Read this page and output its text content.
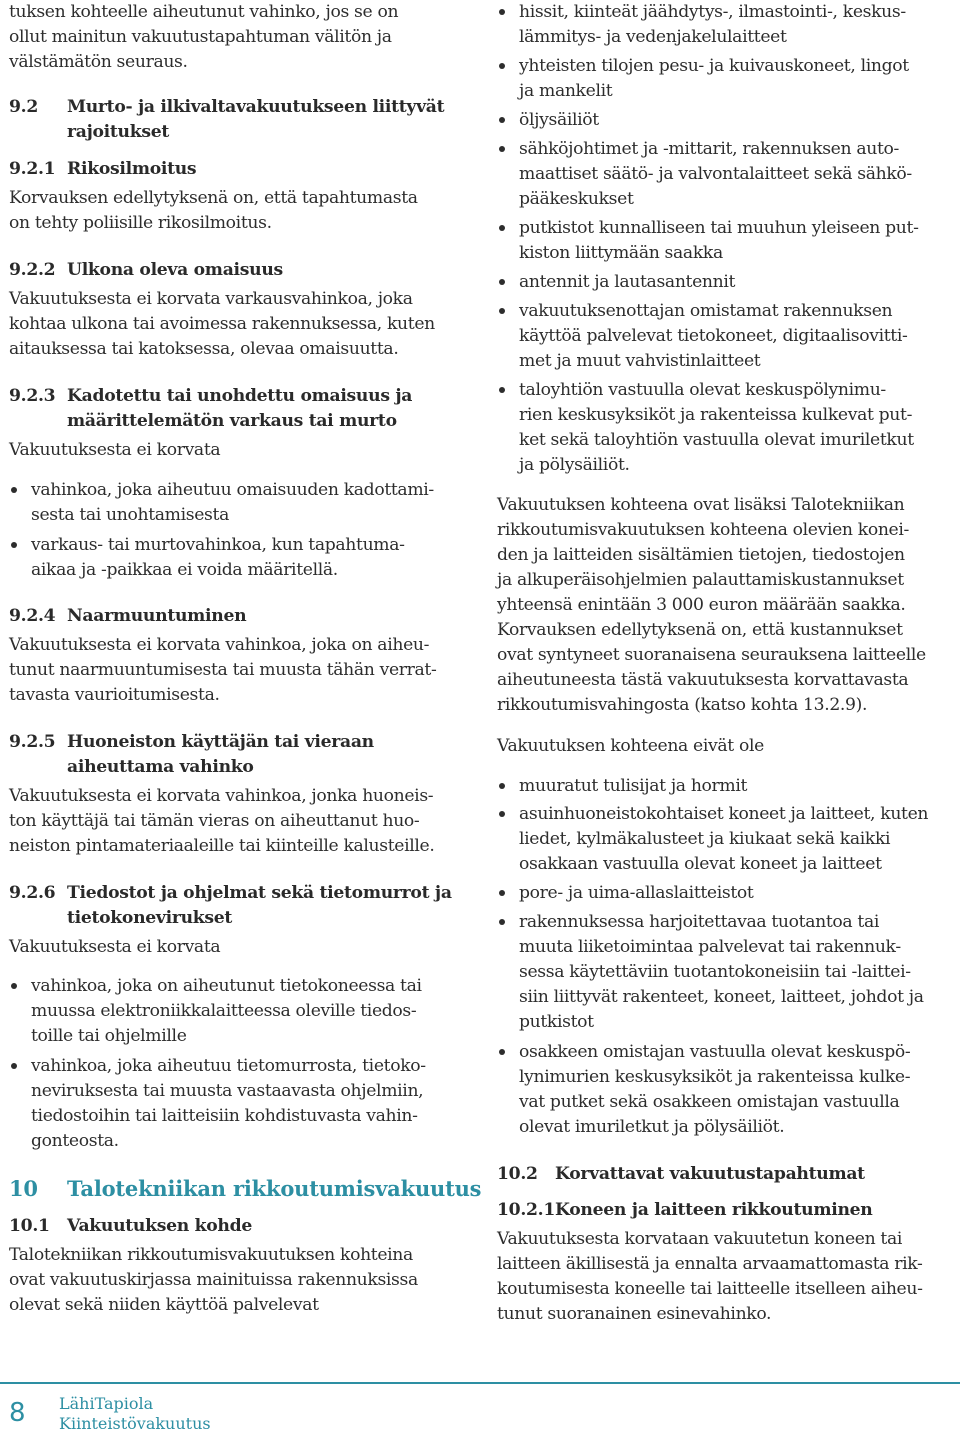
tuksen kohteelle aiheutunut vahinko, jos se on
ollut mainitun vakuutustapahtuman välitön ja
välstämätön seuraus.
9.2 Murto- ja ilkivaltavakuutukseen liittyvät
rajoitukset
9.2.1 Rikosilmoitus
Korvauksen edellytyksenä on, että tapahtumasta
on tehty poliisille rikosilmoitus.
9.2.2 Ulkona oleva omaisuus
Vakuutuksesta ei korvata varkausvahinkoa, joka
kohtaa ulkona tai avoimessa rakennuksessa, kuten
aitauksessa tai katoksessa, olevaa omaisuutta.
9.2.3 Kadotettu tai unohdettu omaisuus ja
määrittelemätön varkaus tai murto
Vakuutuksesta ei korvata
vahinkoa, joka aiheutuu omaisuuden kadottami-
sesta tai unohtamisesta
varkaus- tai murtovahinkoa, kun tapahtuma-
aikaa ja -paikkaa ei voida määritellä.
9.2.4 Naarmuuntuminen
Vakuutuksesta ei korvata vahinkoa, joka on aiheu-
tunut naarmuuntumisesta tai muusta tähän verrat-
tavasta vaurioitumisesta.
9.2.5 Huoneiston käyttäjän tai vieraan
aiheuttama vahinko
Vakuutuksesta ei korvata vahinkoa, jonka huoneis-
ton käyttäjä tai tämän vieras on aiheuttanut huo-
neiston pintamateriaaleille tai kiinteille kalusteille.
9.2.6 Tiedostot ja ohjelmat sekä tietomurrot ja
tietokonevirukset
Vakuutuksesta ei korvata
vahinkoa, joka on aiheutunut tietokoneessa tai
muussa elektroniikkalaitteessa oleville tiedos-
toille tai ohjelmille
vahinkoa, joka aiheutuu tietomurrosta, tietoko-
neviruksesta tai muusta vastaavasta ohjelmiin,
tiedostoihin tai laitteisiin kohdistuvasta vahin-
gonteosta.
10 Talotekniikan rikkoutumisvakuutus
10.1 Vakuutuksen kohde
Talotekniikan rikkoutumisvakuutuksen kohteina
ovat vakuutuskirjassa mainituissa rakennuksissa
olevat sekä niiden käyttöä palvelevat
hissit, kiinteät jäähdytys-, ilmastointi-, keskus-
lämmitys- ja vedenjakelulaitteet
yhteisten tilojen pesu- ja kuivauskoneet, lingot
ja mankelit
öljysäiliöt
sähköjohtimet ja -mittarit, rakennuksen auto-
maattiset säätö- ja valvontalaitteet sekä sähkö-
pääkeskukset
putkistot kunnalliseen tai muuhun yleiseen put-
kiston liittymään saakka
antennit ja lautasantennit
vakuutuksenottajan omistamat rakennuksen
käyttöä palvelevat tietokoneet, digitaalisovitti-
met ja muut vahvistinlaitteet
taloyhtiön vastuulla olevat keskuspölynimu-
rien keskusyksiköt ja rakenteissa kulkevat put-
ket sekä taloyhtiön vastuulla olevat imuriletkut
ja pölysäiliöt.
Vakuutuksen kohteena ovat lisäksi Talotekniikan
rikkoutumisvakuutuksen kohteena olevien konei-
den ja laitteiden sisältämien tietojen, tiedostojen
ja alkuperäisohjelmien palauttamiskustannukset
yhteensä enintään 3 000 euron määrään saakka.
Korvauksen edellytyksenä on, että kustannukset
ovat syntyneet suoranaisena seurauksena laitteelle
aiheutuneesta tästä vakuutuksesta korvattavasta
rikkoutumisvahingosta (katso kohta 13.2.9).
Vakuutuksen kohteena eivät ole
muuratut tulisijat ja hormit
asuinhuoneistokohtaiset koneet ja laitteet, kuten
liedet, kylmäkalusteet ja kiukaat sekä kaikki
osakkaan vastuulla olevat koneet ja laitteet
pore- ja uima-allaslaitteistot
rakennuksessa harjoitettavaa tuotantoa tai
muuta liiketoimintaa palvelevat tai rakennuk-
sessa käytettäviin tuotantokoneisiin tai -laittei-
siin liittyvät rakenteet, koneet, laitteet, johdot ja
putkistot
osakkeen omistajan vastuulla olevat keskuspö-
lynimurien keskusyksiköt ja rakenteissa kulke-
vat putket sekä osakkeen omistajan vastuulla
olevat imuriletkut ja pölysäiliöt.
10.2 Korvattavat vakuutustapahtumat
10.2.1 Koneen ja laitteen rikkoutuminen
Vakuutuksesta korvataan vakuutetun koneen tai
laitteen äkillisestä ja ennalta arvaamattomasta rik-
koutumisesta koneelle tai laitteelle itselleen aiheu-
tunut suoranainen esinevahinko.
8 LähiTapiola
Kiinteistövakuutus
